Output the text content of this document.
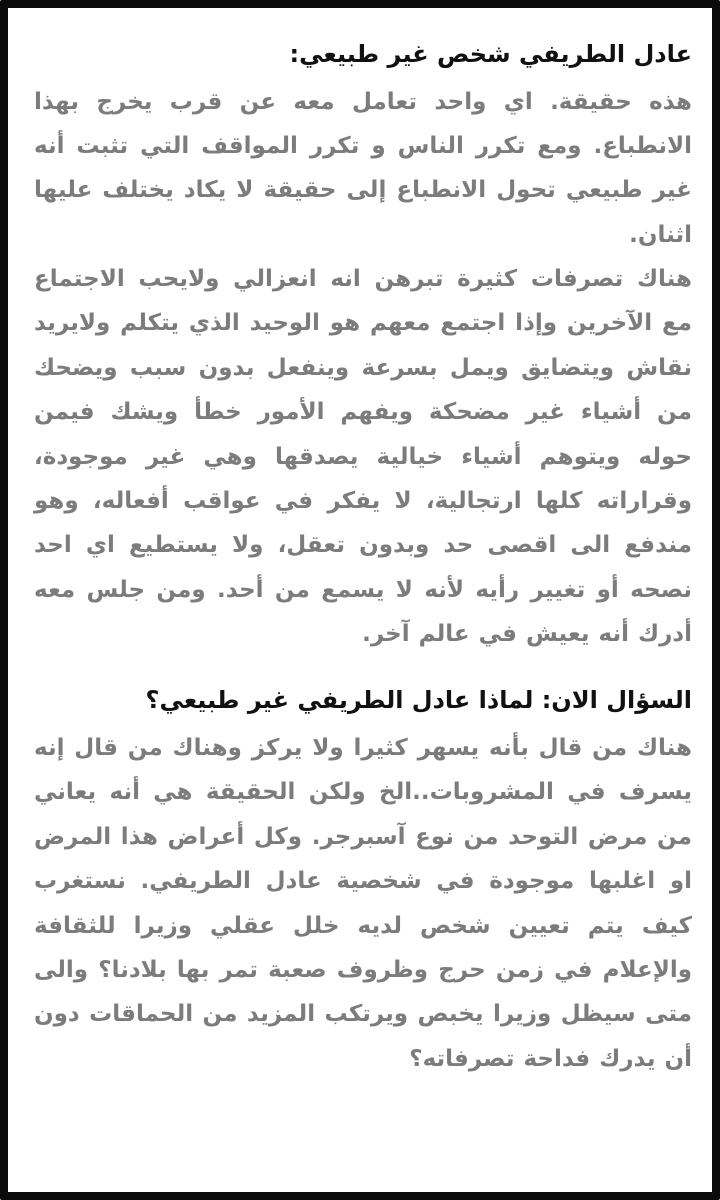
عادل الطريفي شخص غير طبيعي:

هذه حقيقة. اي واحد تعامل معه عن قرب يخرج بهذا الانطباع. ومع تكرر الناس و تكرر المواقف التي تثبت أنه غير طبيعي تحول الانطباع إلى حقيقة لا يكاد يختلف عليها اثنان.

هناك تصرفات كثيرة تبرهن انه انعزالي ولايحب الاجتماع مع الآخرين وإذا اجتمع معهم هو الوحيد الذي يتكلم ولايريد نقاش ويتضايق ويمل بسرعة وينفعل بدون سبب ويضحك من أشياء غير مضحكة ويفهم الأمور خطأ ويشك فيمن حوله ويتوهم أشياء خيالية يصدقها وهي غير موجودة، وقراراته كلها ارتجالية، لا يفكر في عواقب أفعاله، وهو مندفع الى اقصى حد وبدون تعقل، ولا يستطيع اي احد نصحه أو تغيير رأيه لأنه لا يسمع من أحد. ومن جلس معه أدرك أنه يعيش في عالم آخر.

السؤال الان: لماذا عادل الطريفي غير طبيعي؟

هناك من قال بأنه يسهر كثيرا ولا يركز وهناك من قال إنه يسرف في المشروبات..الخ ولكن الحقيقة هي أنه يعاني من مرض التوحد من نوع آسبرجر. وكل أعراض هذا المرض او اغلبها موجودة في شخصية عادل الطريفي. نستغرب كيف يتم تعيين شخص لديه خلل عقلي وزيرا للثقافة والإعلام في زمن حرج وظروف صعبة تمر بها بلادنا؟ والى متى سيظل وزيرا يخبص ويرتكب المزيد من الحماقات دون أن يدرك فداحة تصرفاته؟
